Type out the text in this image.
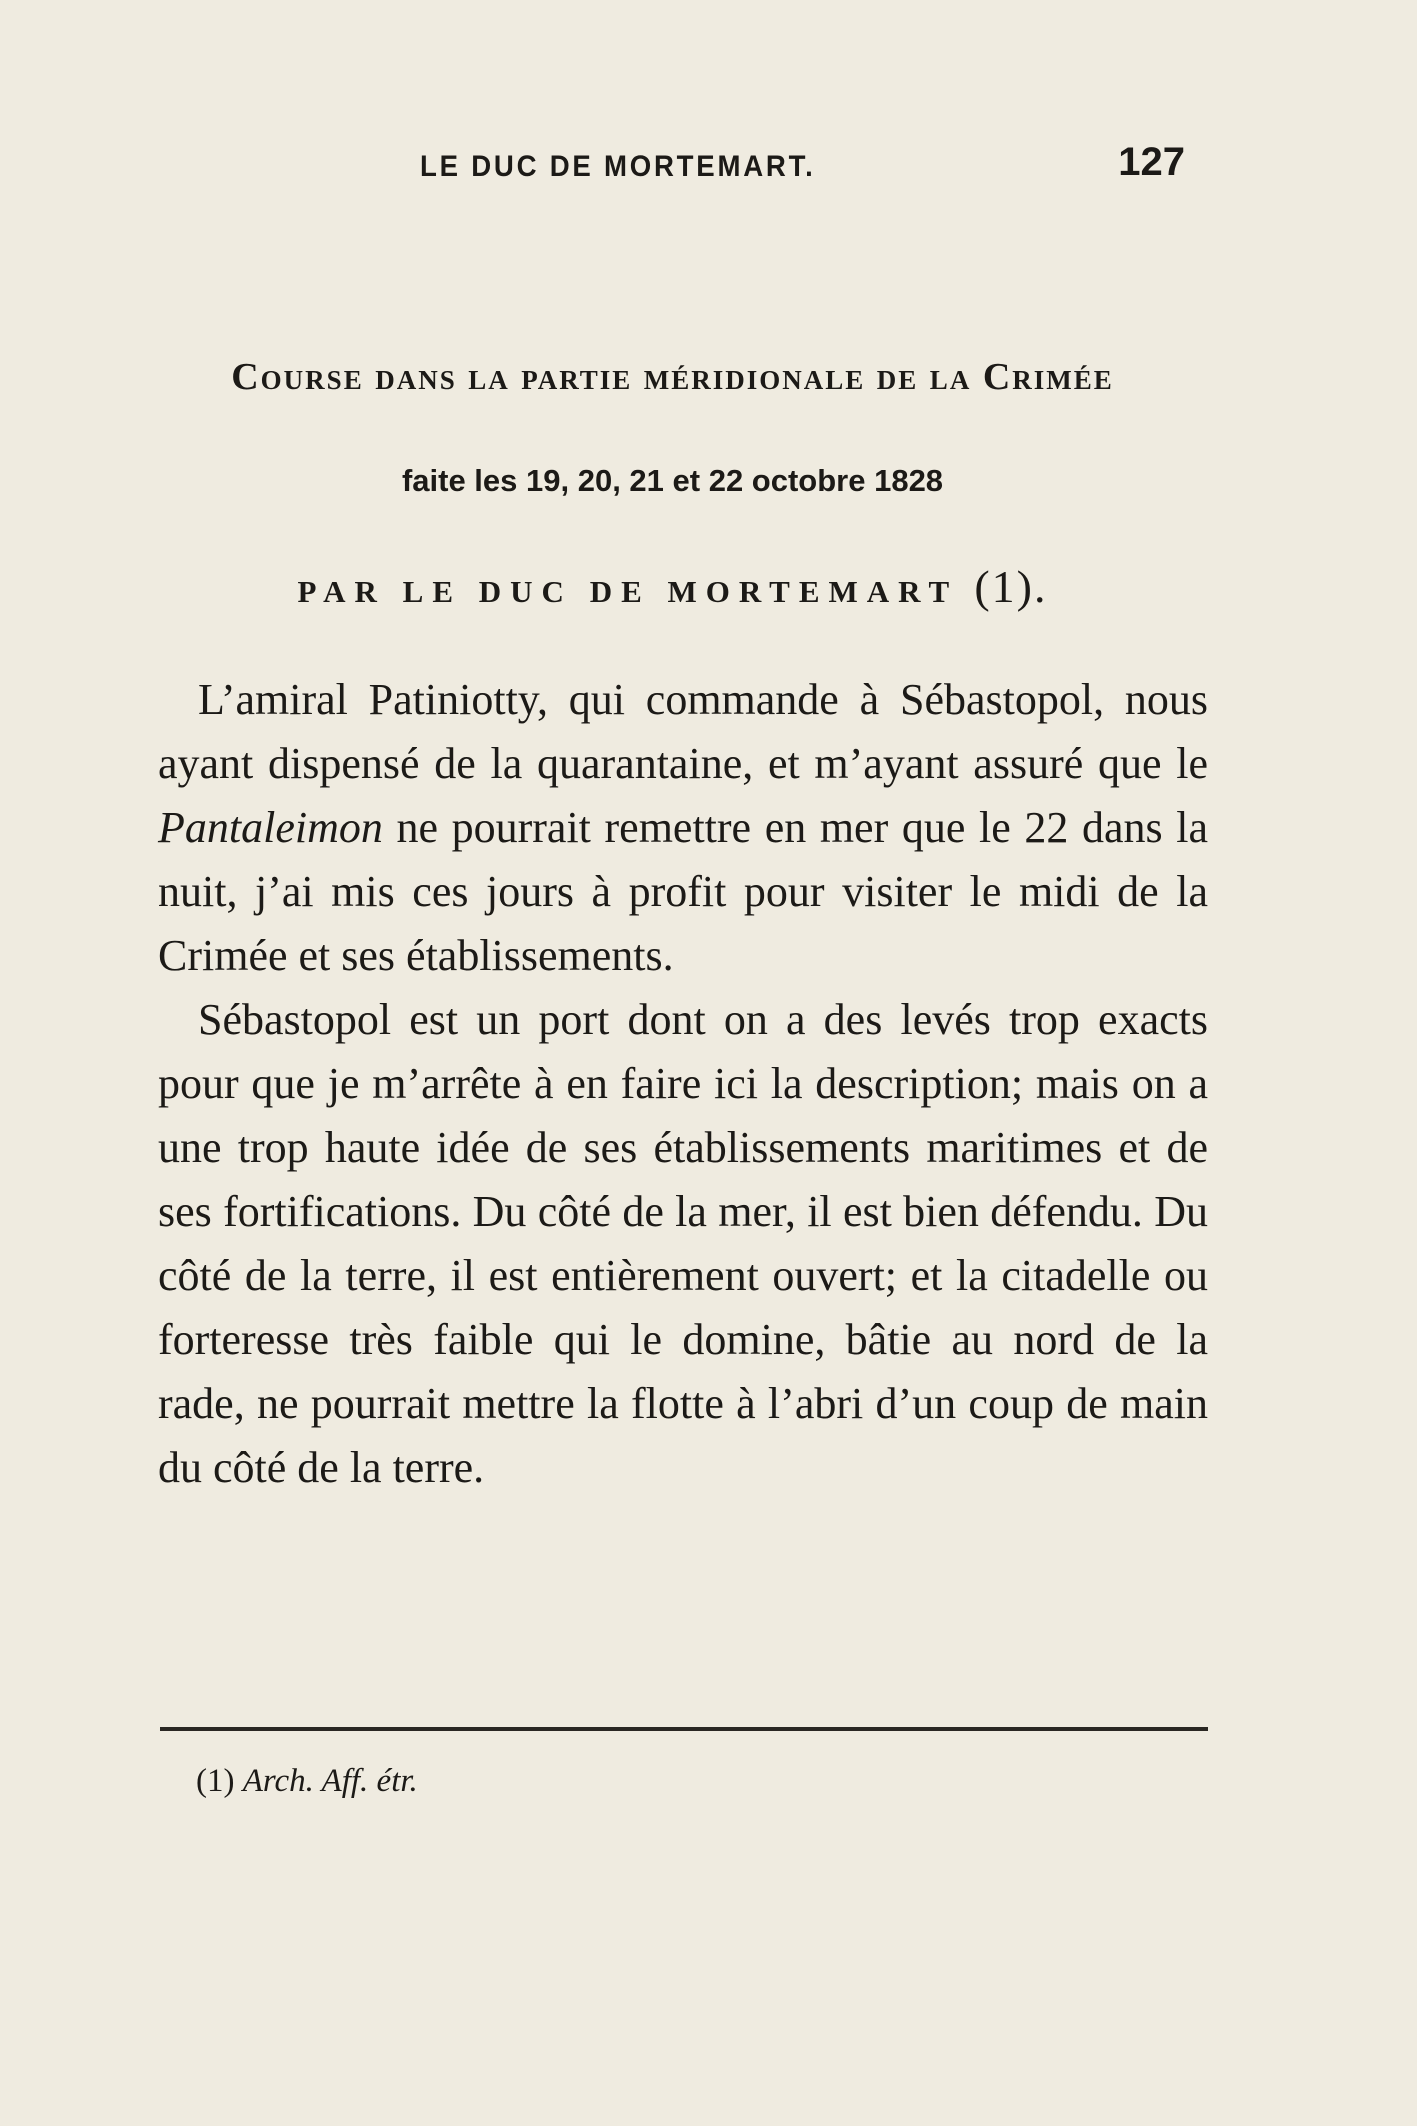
LE DUC DE MORTEMART.	127
Course dans la partie méridionale de la Crimée
faite les 19, 20, 21 et 22 octobre 1828
PAR LE DUC DE MORTEMART (1).

L’amiral Patiniotty, qui commande à Sébastopol, nous ayant dispensé de la quarantaine, et m’ayant assuré que le Pantaleimon ne pourrait remettre en mer que le 22 dans la nuit, j’ai mis ces jours à profit pour visiter le midi de la Crimée et ses établissements.

Sébastopol est un port dont on a des levés trop exacts pour que je m’arrête à en faire ici la description; mais on a une trop haute idée de ses établissements maritimes et de ses fortifications. Du côté de la mer, il est bien défendu. Du côté de la terre, il est entièrement ouvert; et la citadelle ou forteresse très faible qui le domine, bâtie au nord de la rade, ne pourrait mettre la flotte à l’abri d’un coup de main du côté de la terre.

(1) Arch. Aff. étr.
